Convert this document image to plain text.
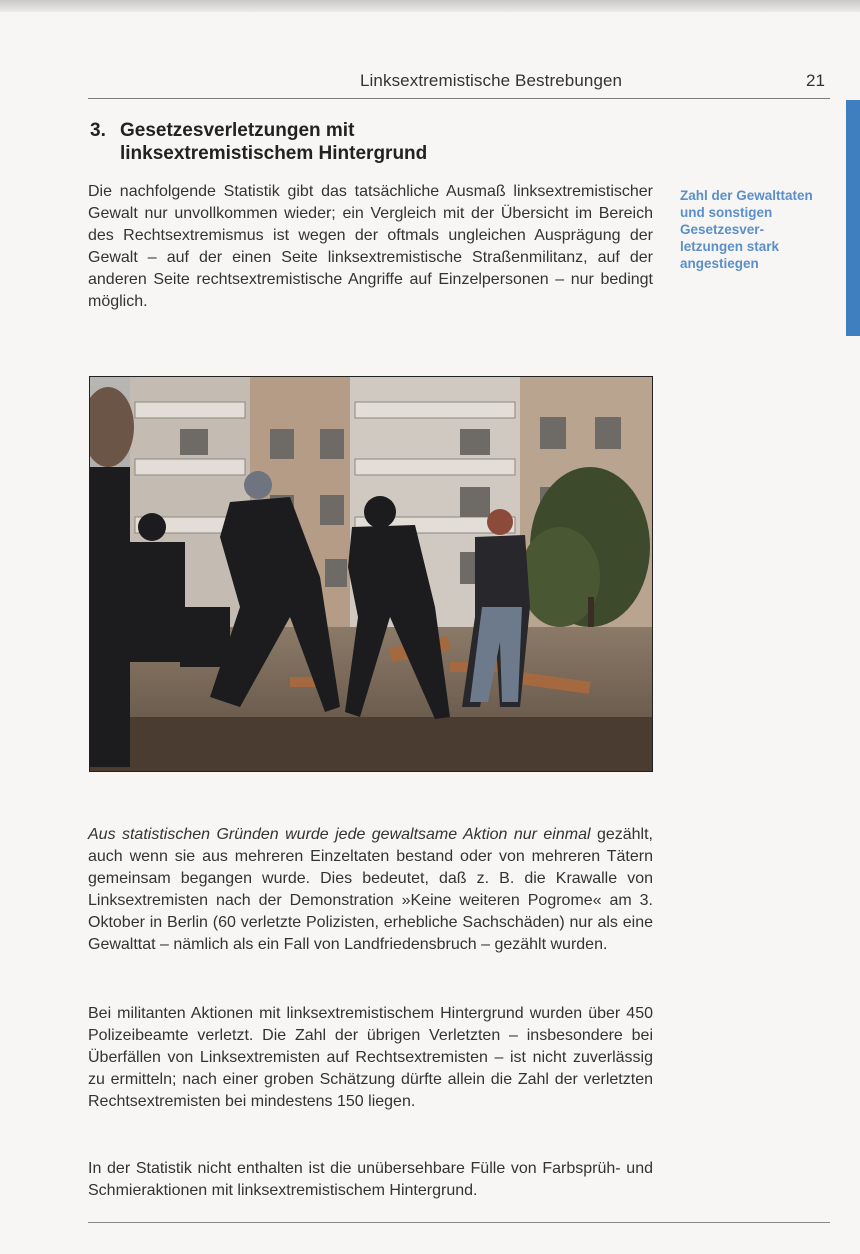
Linksextremistische Bestrebungen	21
3. Gesetzesverletzungen mit
linksextremistischem Hintergrund

Die nachfolgende Statistik gibt das tatsächliche Ausmaß linksextremistischer Gewalt nur unvollkommen wieder; ein Vergleich mit der Übersicht im Bereich des Rechtsextremismus ist wegen der oftmals ungleichen Ausprägung der Gewalt – auf der einen Seite linksextremistische Straßenmilitanz, auf der anderen Seite rechtsextremistische Angriffe auf Einzelpersonen – nur bedingt möglich.

Zahl der Gewalttaten und sonstigen Gesetzesverletzungen stark angestiegen

Aus statistischen Gründen wurde jede gewaltsame Aktion nur einmal gezählt, auch wenn sie aus mehreren Einzeltaten bestand oder von mehreren Tätern gemeinsam begangen wurde. Dies bedeutet, daß z. B. die Krawalle von Linksextremisten nach der Demonstration »Keine weiteren Pogrome« am 3. Oktober in Berlin (60 verletzte Polizisten, erhebliche Sachschäden) nur als eine Gewalttat – nämlich als ein Fall von Landfriedensbruch – gezählt wurden.

Bei militanten Aktionen mit linksextremistischem Hintergrund wurden über 450 Polizeibeamte verletzt. Die Zahl der übrigen Verletzten – insbesondere bei Überfällen von Linksextremisten auf Rechtsextremisten – ist nicht zuverlässig zu ermitteln; nach einer groben Schätzung dürfte allein die Zahl der verletzten Rechtsextremisten bei mindestens 150 liegen.

In der Statistik nicht enthalten ist die unübersehbare Fülle von Farbsprüh- und Schmieraktionen mit linksextremistischem Hintergrund.
